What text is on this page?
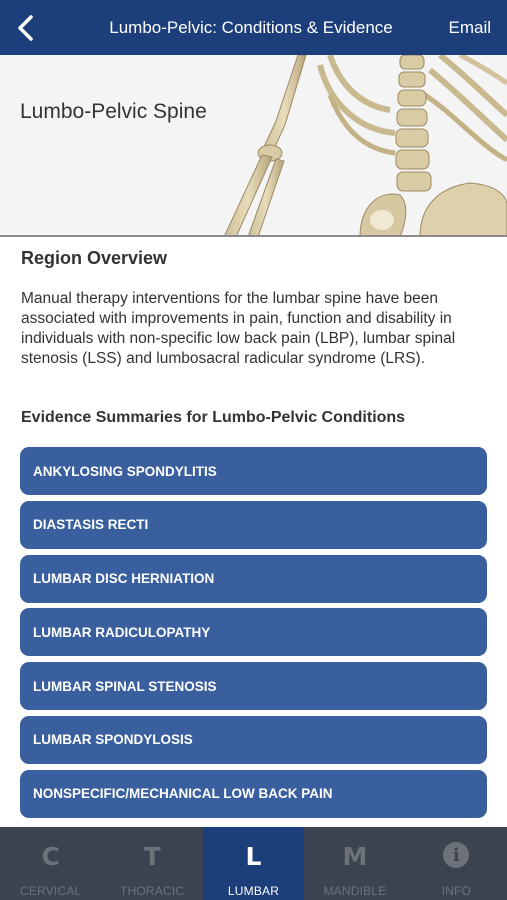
Lumbo-Pelvic: Conditions & Evidence	Email
Lumbo-Pelvic Spine
Region Overview

Manual therapy interventions for the lumbar spine have been associated with improvements in pain, function and disability in individuals with non-specific low back pain (LBP), lumbar spinal stenosis (LSS) and lumbosacral radicular syndrome (LRS).

Evidence Summaries for Lumbo-Pelvic Conditions
ANKYLOSING SPONDYLITIS
DIASTASIS RECTI
LUMBAR DISC HERNIATION
LUMBAR RADICULOPATHY
LUMBAR SPINAL STENOSIS
LUMBAR SPONDYLOSIS
NONSPECIFIC/MECHANICAL LOW BACK PAIN
C
CERVICAL
T
THORACIC
L
LUMBAR
M
MANDIBLE
i
INFO
